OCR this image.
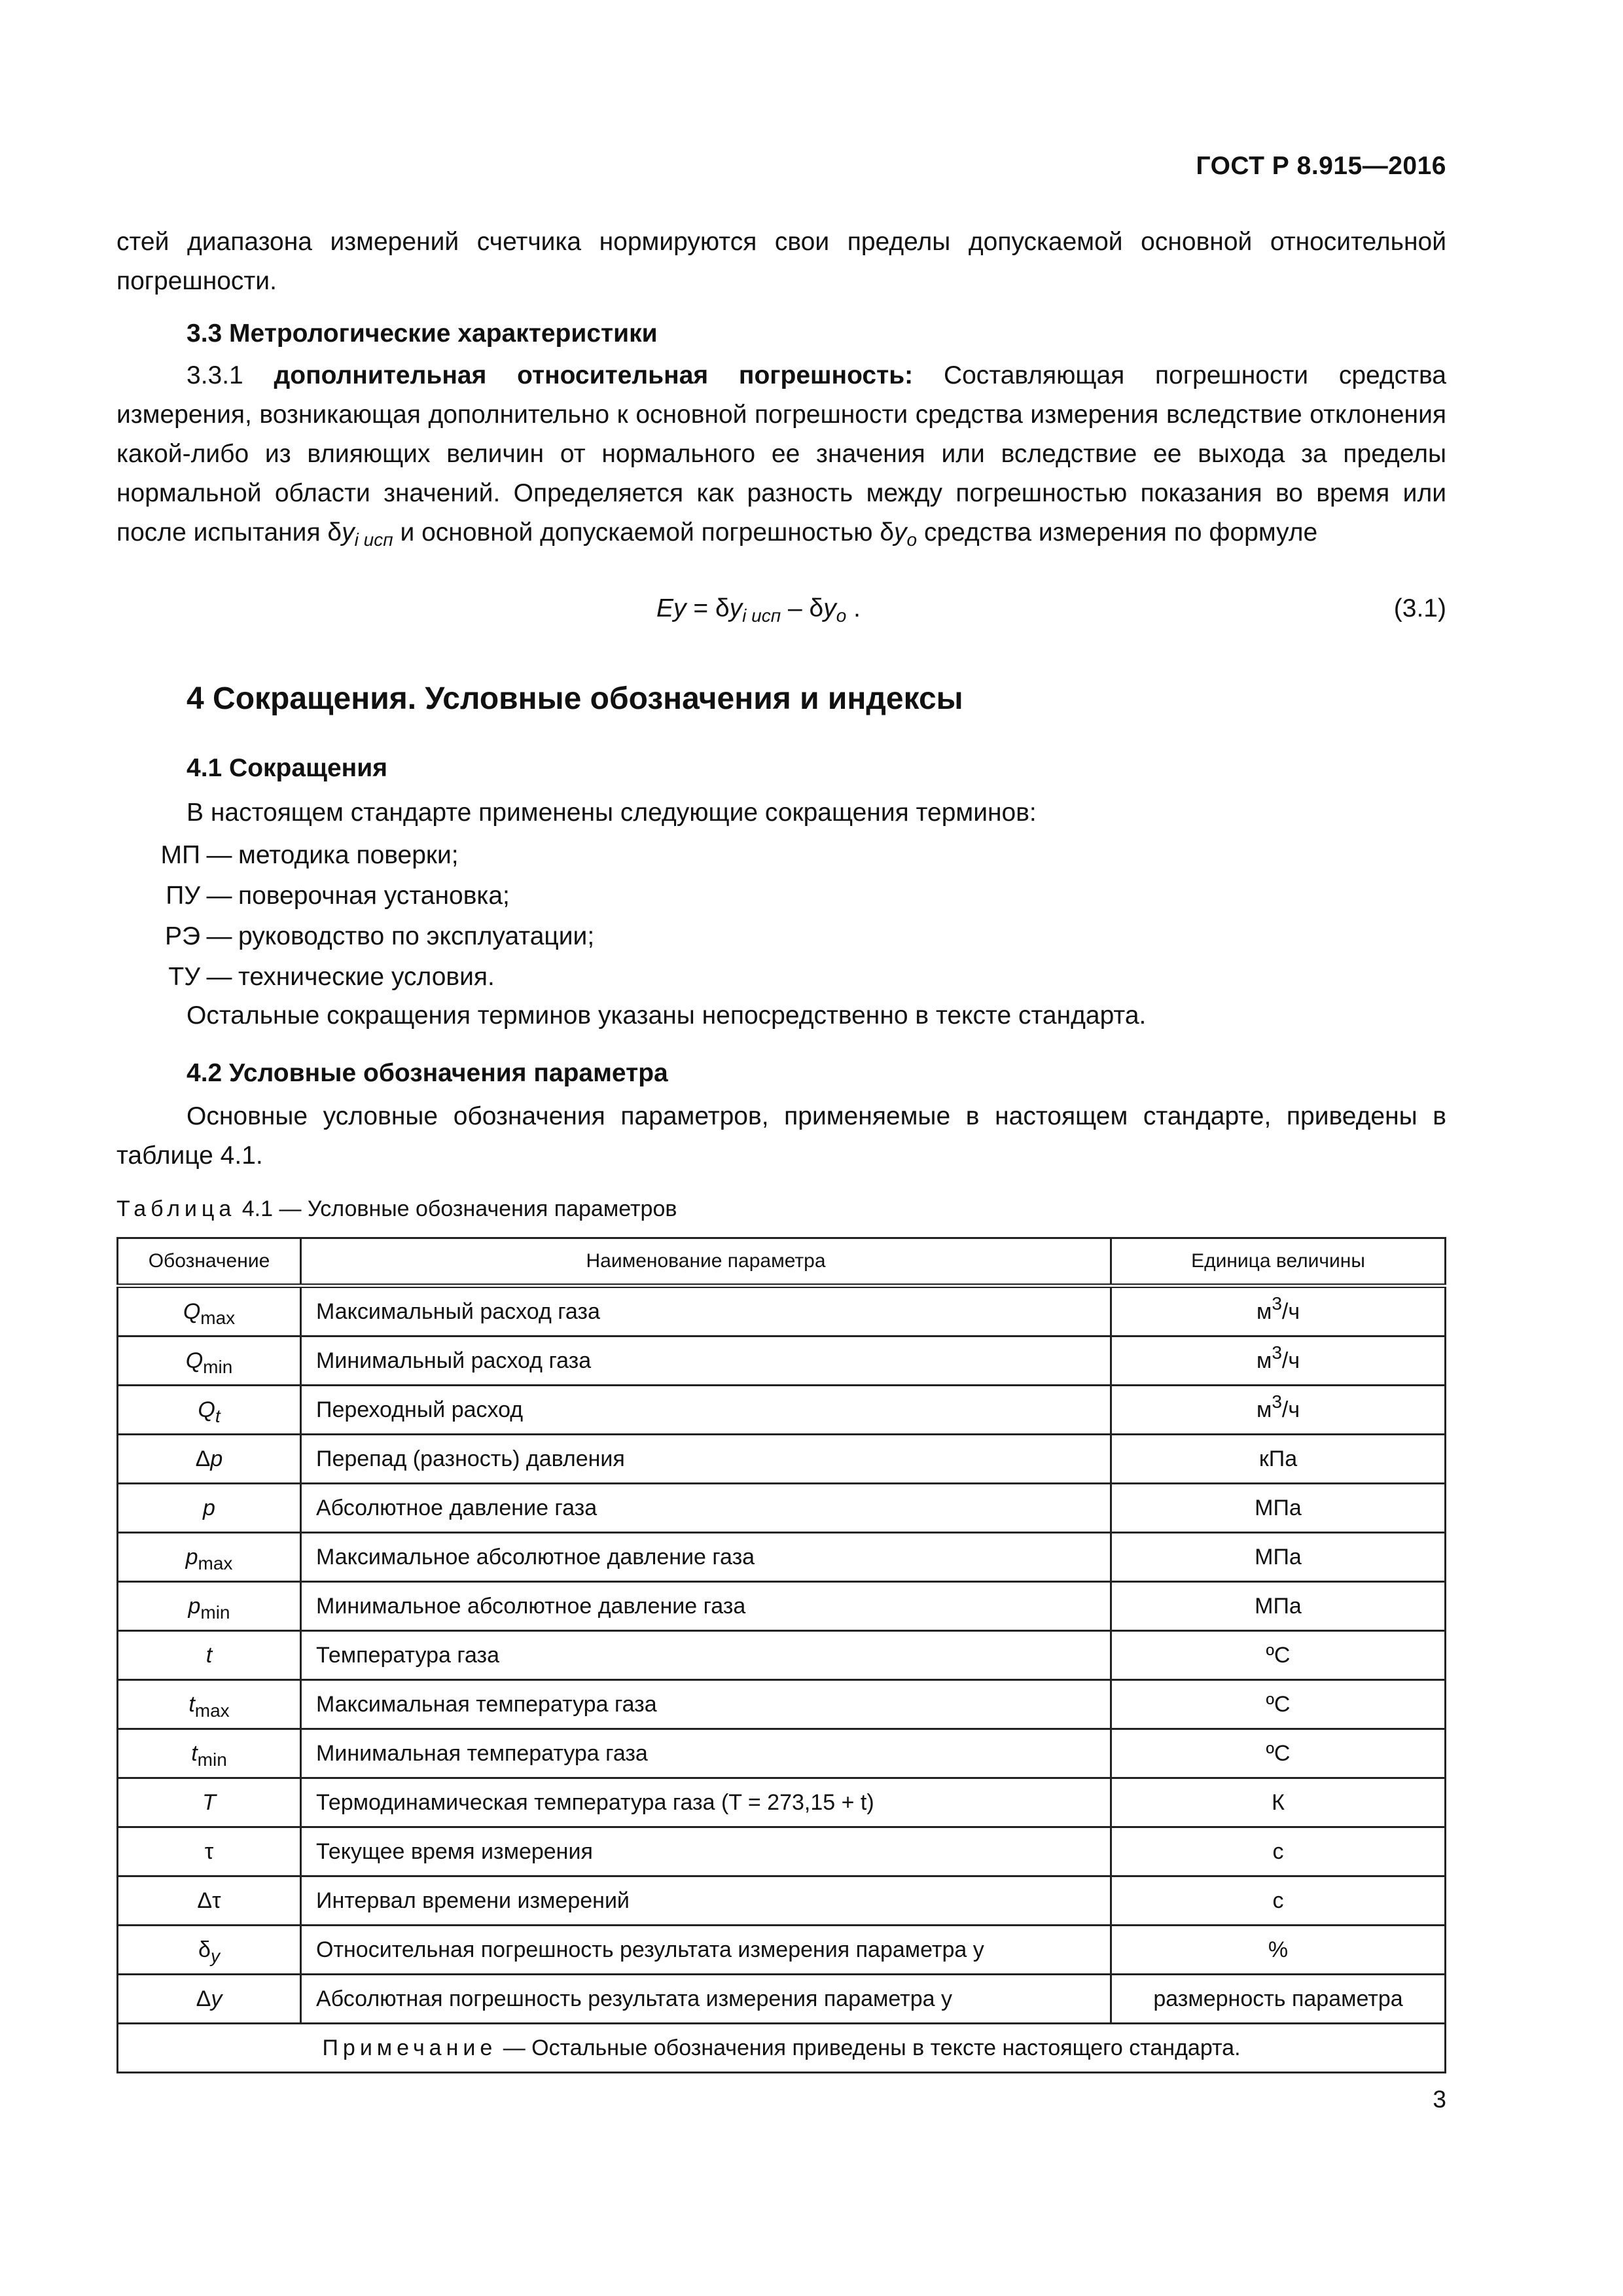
ГОСТ Р 8.915—2016

стей диапазона измерений счетчика нормируются свои пределы допускаемой основной относительной погрешности.

3.3 Метрологические характеристики

3.3.1 дополнительная относительная погрешность: Составляющая погрешности средства измерения, возникающая дополнительно к основной погрешности средства измерения вследствие отклонения какой-либо из влияющих величин от нормального ее значения или вследствие ее выхода за пределы нормальной области значений. Определяется как разность между погрешностью показания во время или после испытания $\delta y_{i исп}$ и основной допускаемой погрешностью $\delta y_o$ средства измерения по формуле

$Ey = \delta y_{i исп} - \delta y_o$ .	(3.1)
4 Сокращения. Условные обозначения и индексы
4.1 Сокращения

В настоящем стандарте применены следующие сокращения терминов:

МП — методика поверки;
ПУ — поверочная установка;
РЭ — руководство по эксплуатации;
ТУ — технические условия.

Остальные сокращения терминов указаны непосредственно в тексте стандарта.

4.2 Условные обозначения параметра

Основные условные обозначения параметров, применяемые в настоящем стандарте, приведены в таблице 4.1.

Таблица 4.1 — Условные обозначения параметров
Обозначение	Наименование параметра	Единица величины
$Q_{max}$	Максимальный расход газа	$м^3/ч$
$Q_{min}$	Минимальный расход газа	$м^3/ч$
$Q_t$	Переходный расход	$м^3/ч$
Δp	Перепад (разность) давления	кПа
p	Абсолютное давление газа	МПа
$p_{max}$	Максимальное абсолютное давление газа	МПа
$p_{min}$	Минимальное абсолютное давление газа	МПа
t	Температура газа	ºС
$t_{max}$	Максимальная температура газа	ºС
$t_{min}$	Минимальная температура газа	ºС
T	Термодинамическая температура газа (T = 273,15 + t)	К
τ	Текущее время измерения	с
Δτ	Интервал времени измерений	с
$\delta_y$	Относительная погрешность результата измерения параметра y	%
Δy	Абсолютная погрешность результата измерения параметра y	размерность параметра
Примечание — Остальные обозначения приведены в тексте настоящего стандарта.		
3
